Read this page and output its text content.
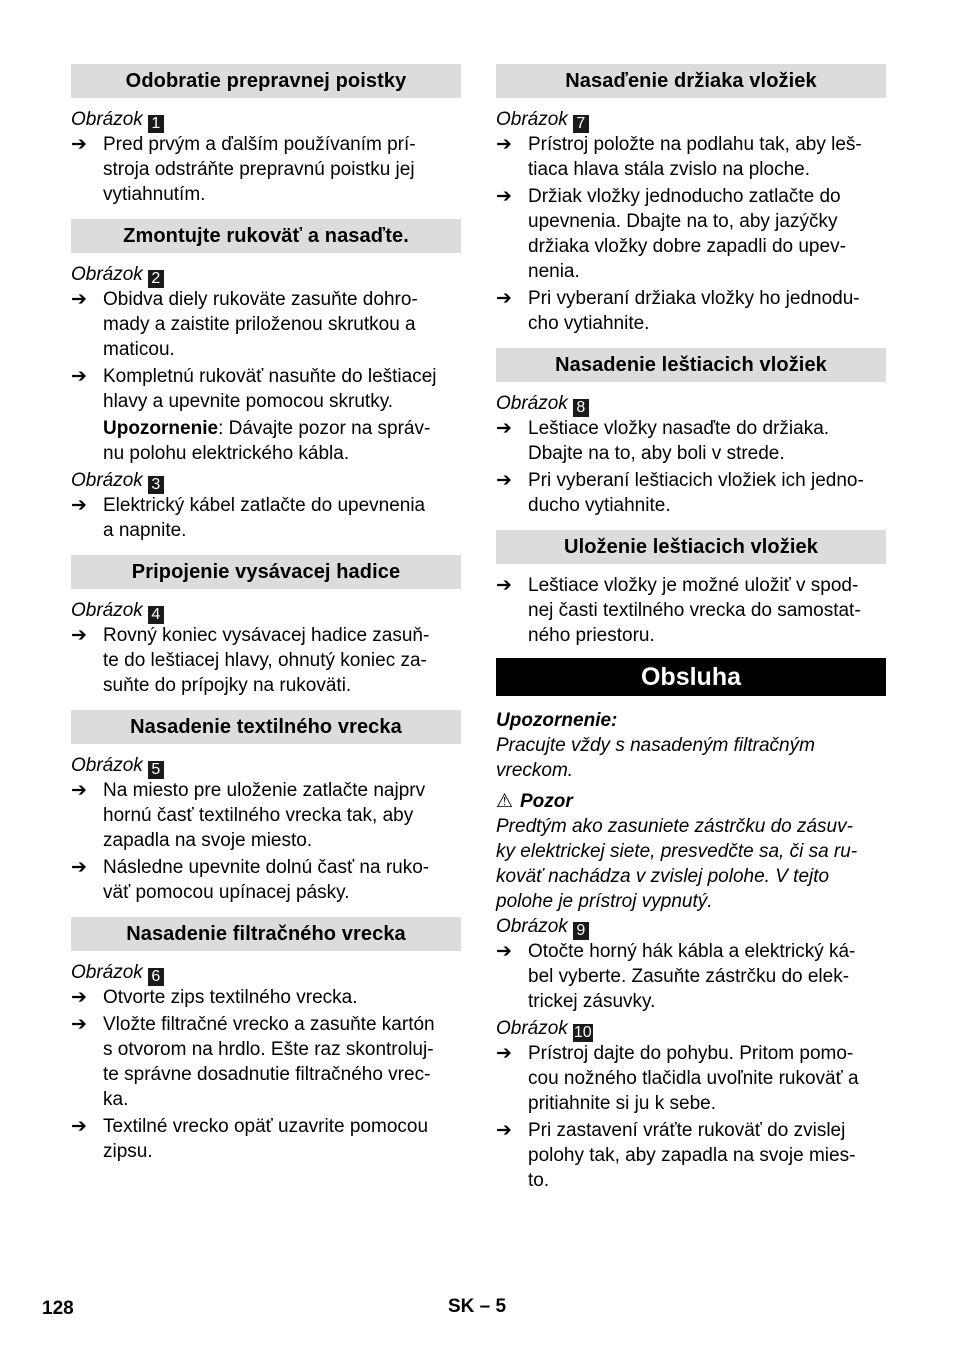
Odobratie prepravnej poistky
Obrázok 1
➔ Pred prvým a ďalším používaním prí-
stroja odstráňte prepravnú poistku jej
vytiahnutím.
Zmontujte rukoväť a nasaďte.
Obrázok 2
➔ Obidva diely rukoväte zasuňte dohro-
mady a zaistite priloženou skrutkou a
maticou.
➔ Kompletnú rukoväť nasuňte do leštiacej
hlavy a upevnite pomocou skrutky.
Upozornenie: Dávajte pozor na správ-
nu polohu elektrického kábla.
Obrázok 3
➔ Elektrický kábel zatlačte do upevnenia
a napnite.
Pripojenie vysávacej hadice
Obrázok 4
➔ Rovný koniec vysávacej hadice zasuň-
te do leštiacej hlavy, ohnutý koniec za-
suňte do prípojky na rukoväti.
Nasadenie textilného vrecka
Obrázok 5
➔ Na miesto pre uloženie zatlačte najprv
hornú časť textilného vrecka tak, aby
zapadla na svoje miesto.
➔ Následne upevnite dolnú časť na ruko-
väť pomocou upínacej pásky.
Nasadenie filtračného vrecka
Obrázok 6
➔ Otvorte zips textilného vrecka.
➔ Vložte filtračné vrecko a zasuňte kartón
s otvorom na hrdlo. Ešte raz skontroluj-
te správne dosadnutie filtračného vrec-
ka.
➔ Textilné vrecko opäť uzavrite pomocou
zipsu.
Nasaďenie držiaka vložiek
Obrázok 7
➔ Prístroj položte na podlahu tak, aby leš-
tiaca hlava stála zvislo na ploche.
➔ Držiak vložky jednoducho zatlačte do
upevnenia. Dbajte na to, aby jazýčky
držiaka vložky dobre zapadli do upev-
nenia.
➔ Pri vyberaní držiaka vložky ho jednodu-
cho vytiahnite.
Nasadenie leštiacich vložiek
Obrázok 8
➔ Leštiace vložky nasaďte do držiaka.
Dbajte na to, aby boli v strede.
➔ Pri vyberaní leštiacich vložiek ich jedno-
ducho vytiahnite.
Uloženie leštiacich vložiek
➔ Leštiace vložky je možné uložiť v spod-
nej časti textilného vrecka do samostat-
ného priestoru.
Obsluha
Upozornenie:
Pracujte vždy s nasadeným filtračným
vreckom.
⚠ Pozor
Predtým ako zasuniete zástrčku do zásuv-
ky elektrickej siete, presvedčte sa, či sa ru-
koväť nachádza v zvislej polohe. V tejto
polohe je prístroj vypnutý.
Obrázok 9
➔ Otočte horný hák kábla a elektrický ká-
bel vyberte. Zasuňte zástrčku do elek-
trickej zásuvky.
Obrázok 10
➔ Prístroj dajte do pohybu. Pritom pomo-
cou nožného tlačidla uvoľnite rukoväť a
pritiahnite si ju k sebe.
➔ Pri zastavení vráťte rukoväť do zvislej
polohy tak, aby zapadla na svoje mies-
to.
128	SK – 5
